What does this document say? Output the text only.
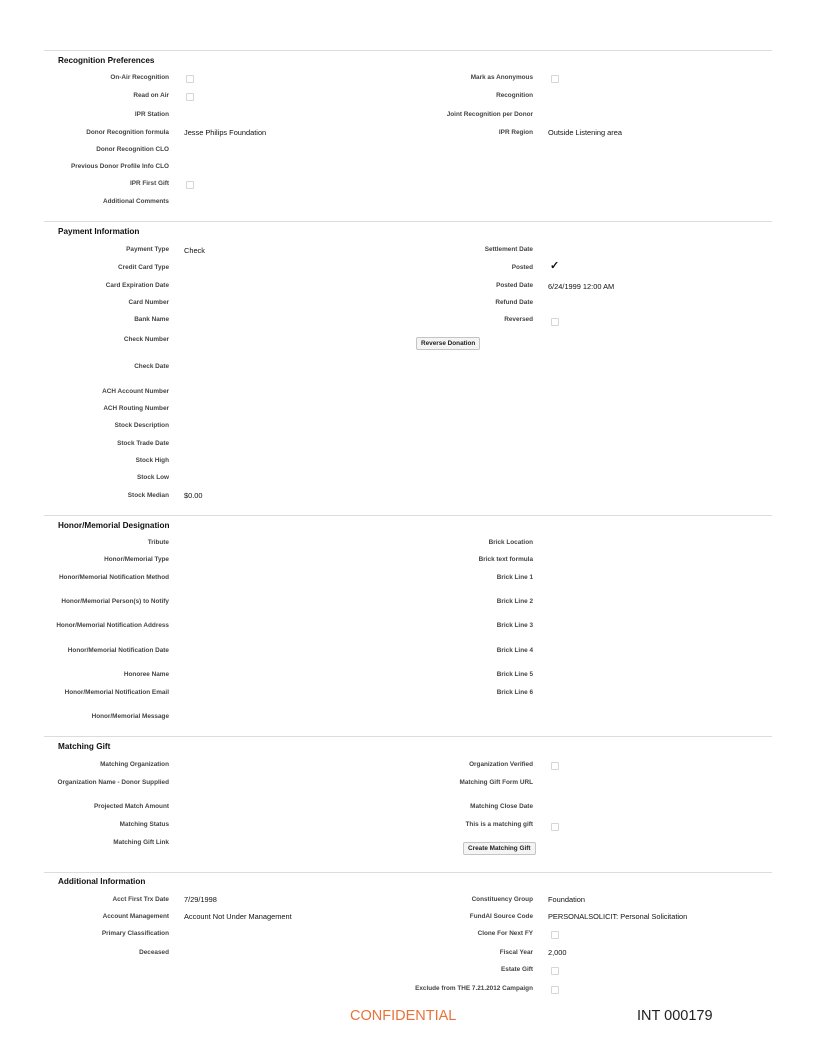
Recognition Preferences
On-Air Recognition
Read on Air
IPR Station
Donor Recognition formula Jesse Philips Foundation
Donor Recognition CLO
Previous Donor Profile Info CLO
IPR First Gift
Additional Comments
Mark as Anonymous
Recognition
Joint Recognition per Donor
IPR Region Outside Listening area
Payment Information
Payment Type Check
Credit Card Type
Card Expiration Date
Card Number
Bank Name
Check Number
Check Date
ACH Account Number
ACH Routing Number
Stock Description
Stock Trade Date
Stock High
Stock Low
Stock Median $0.00
Settlement Date
Posted ✓
Posted Date 6/24/1999 12:00 AM
Refund Date
Reversed
Reverse Donation
Honor/Memorial Designation
Tribute
Honor/Memorial Type
Honor/Memorial Notification Method
Honor/Memorial Person(s) to Notify
Honor/Memorial Notification Address
Honor/Memorial Notification Date
Honoree Name
Honor/Memorial Notification Email
Honor/Memorial Message
Brick Location
Brick text formula
Brick Line 1
Brick Line 2
Brick Line 3
Brick Line 4
Brick Line 5
Brick Line 6
Matching Gift
Matching Organization
Organization Name - Donor Supplied
Projected Match Amount
Matching Status
Matching Gift Link
Organization Verified
Matching Gift Form URL
Matching Close Date
This is a matching gift
Create Matching Gift
Additional Information
Acct First Trx Date 7/29/1998
Account Management Account Not Under Management
Primary Classification
Deceased
Constituency Group Foundation
FundAI Source Code PERSONALSOLICIT: Personal Solicitation
Clone For Next FY
Fiscal Year 2,000
Estate Gift
Exclude from THE 7.21.2012 Campaign
CONFIDENTIAL	INT 000179
